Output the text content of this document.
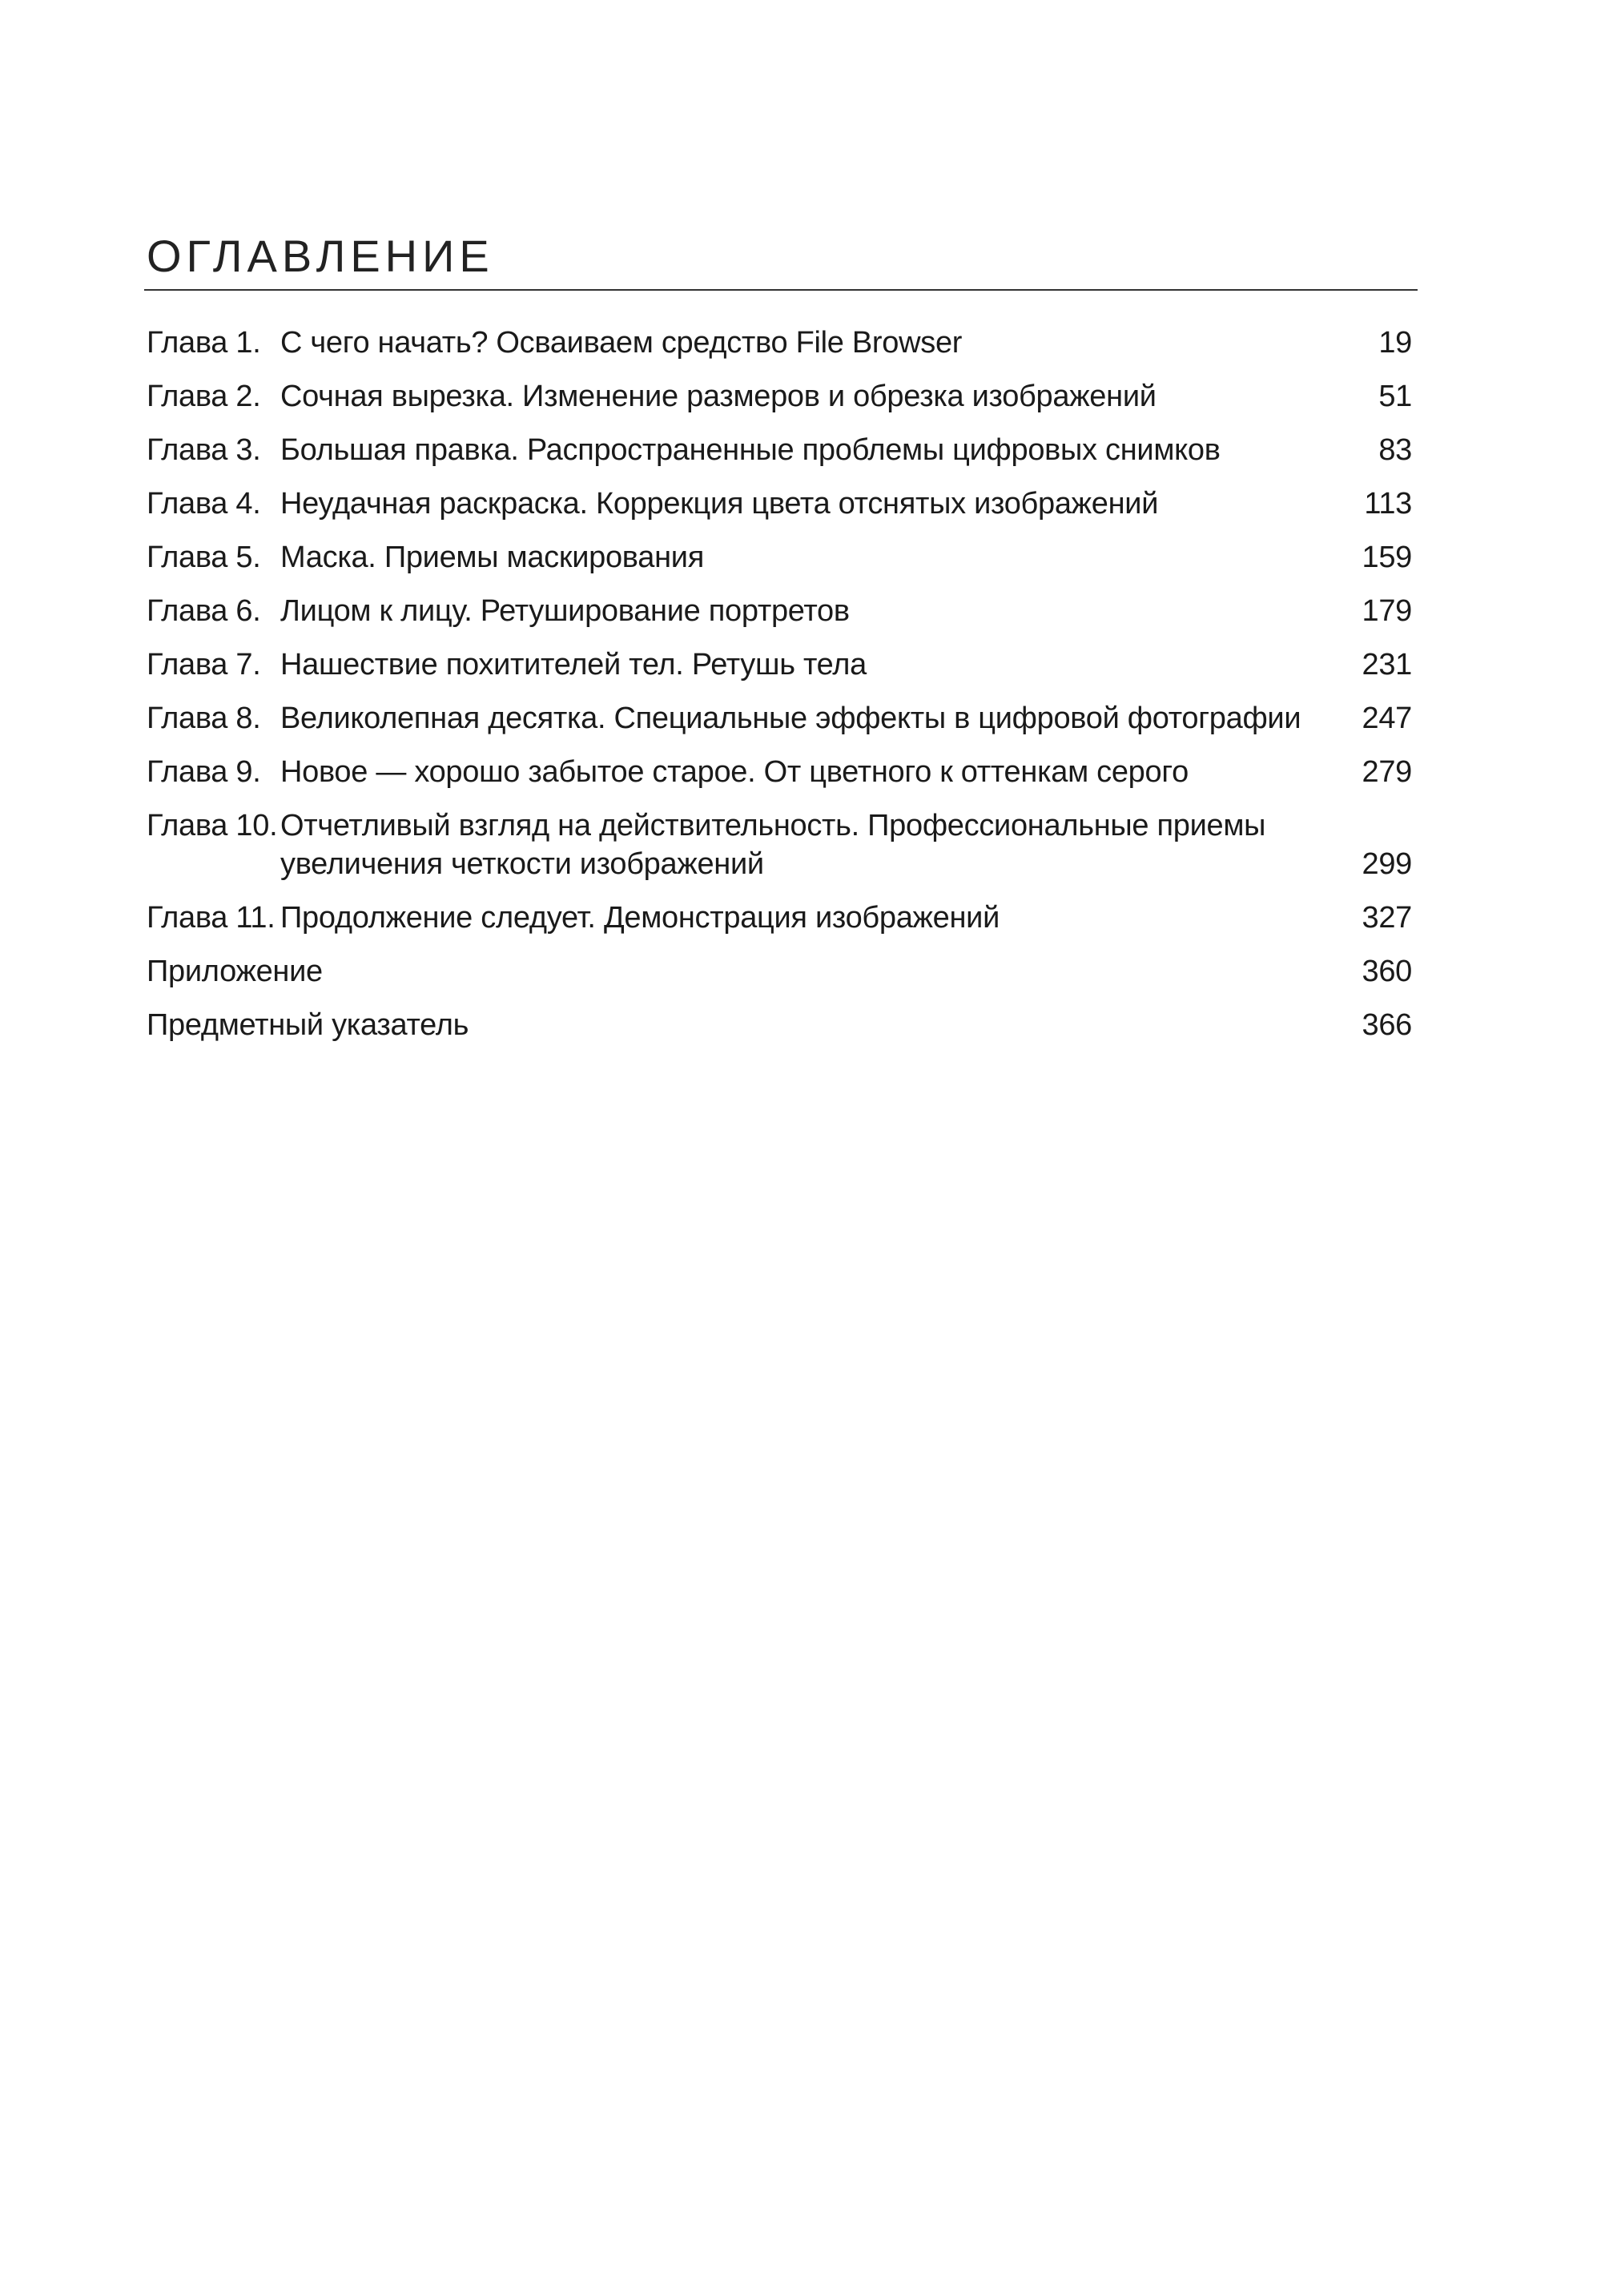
ОГЛАВЛЕНИЕ
Глава 1. С чего начать? Осваиваем средство File Browser	19
Глава 2. Сочная вырезка. Изменение размеров и обрезка изображений	51
Глава 3. Большая правка. Распространенные проблемы цифровых снимков	83
Глава 4. Неудачная раскраска. Коррекция цвета отснятых изображений	113
Глава 5. Маска. Приемы маскирования	159
Глава 6. Лицом к лицу. Ретуширование портретов	179
Глава 7. Нашествие похитителей тел. Ретушь тела	231
Глава 8. Великолепная десятка. Специальные эффекты в цифровой фотографии	247
Глава 9. Новое — хорошо забытое старое. От цветного к оттенкам серого	279
Глава 10. Отчетливый взгляд на действительность. Профессиональные приемы
увеличения четкости изображений	299
Глава 11. Продолжение следует. Демонстрация изображений	327
Приложение	360
Предметный указатель	366
